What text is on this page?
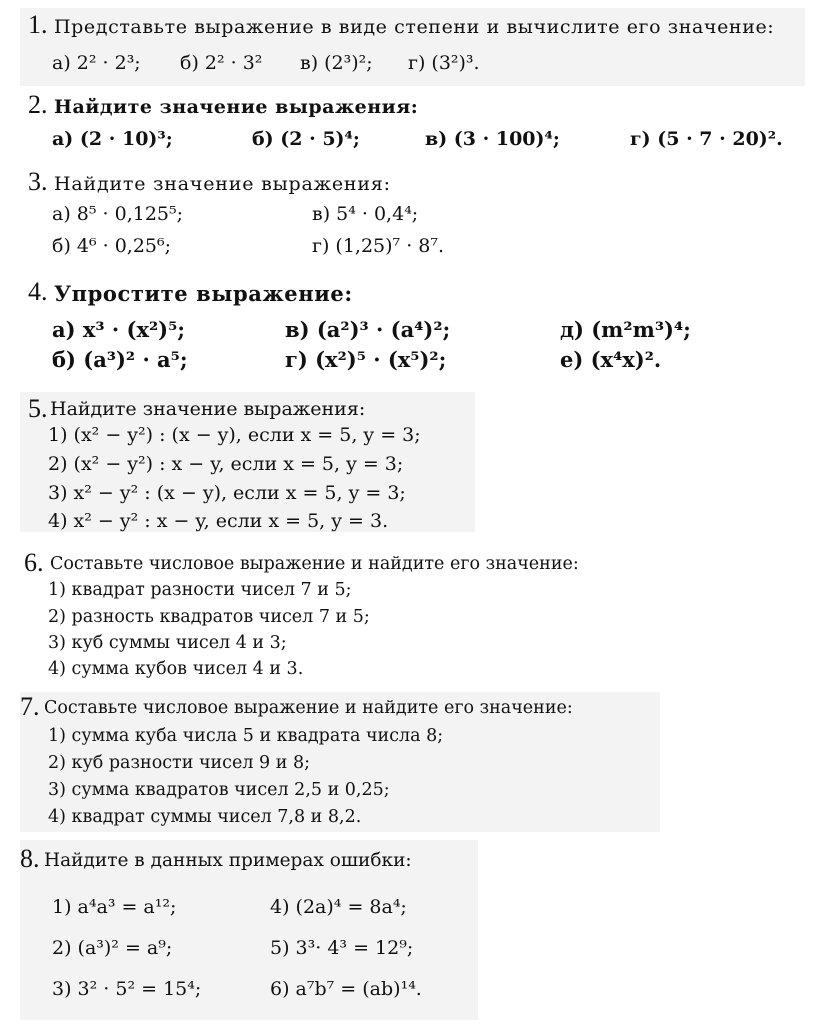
1. Представьте выражение в виде степени и вычислите его значение:
а) 2² · 2³; б) 2² · 3² в) (2³)²; г) (3²)³.
2. Найдите значение выражения:
а) (2 · 10)³;	б) (2 · 5)⁴;	в) (3 · 100)⁴;	г) (5 · 7 · 20)².
3. Найдите значение выражения:
а) 8⁵ · 0,125⁵;	в) 5⁴ · 0,4⁴;
б) 4⁶ · 0,25⁶;	г) (1,25)⁷ · 8⁷.
4. Упростите выражение:
а) x³ · (x²)⁵;	в) (a²)³ · (a⁴)²;	д) (m²m³)⁴;
б) (a³)² · a⁵;	г) (x²)⁵ · (x⁵)²;	е) (x⁴x)².
5. Найдите значение выражения:
1) (x² − y²) : (x − y), если x = 5, y = 3;
2) (x² − y²) : x − y, если x = 5, y = 3;
3) x² − y² : (x − y), если x = 5, y = 3;
4) x² − y² : x − y, если x = 5, y = 3.
6. Составьте числовое выражение и найдите его значение:
1) квадрат разности чисел 7 и 5;
2) разность квадратов чисел 7 и 5;
3) куб суммы чисел 4 и 3;
4) сумма кубов чисел 4 и 3.
7. Составьте числовое выражение и найдите его значение:
1) сумма куба числа 5 и квадрата числа 8;
2) куб разности чисел 9 и 8;
3) сумма квадратов чисел 2,5 и 0,25;
4) квадрат суммы чисел 7,8 и 8,2.
8. Найдите в данных примерах ошибки:
1) a⁴a³ = a¹²;	4) (2a)⁴ = 8a⁴;
2) (a³)² = a⁹;	5) 3³· 4³ = 12⁹;
3) 3² · 5² = 15⁴;	6) a⁷b⁷ = (ab)¹⁴.
